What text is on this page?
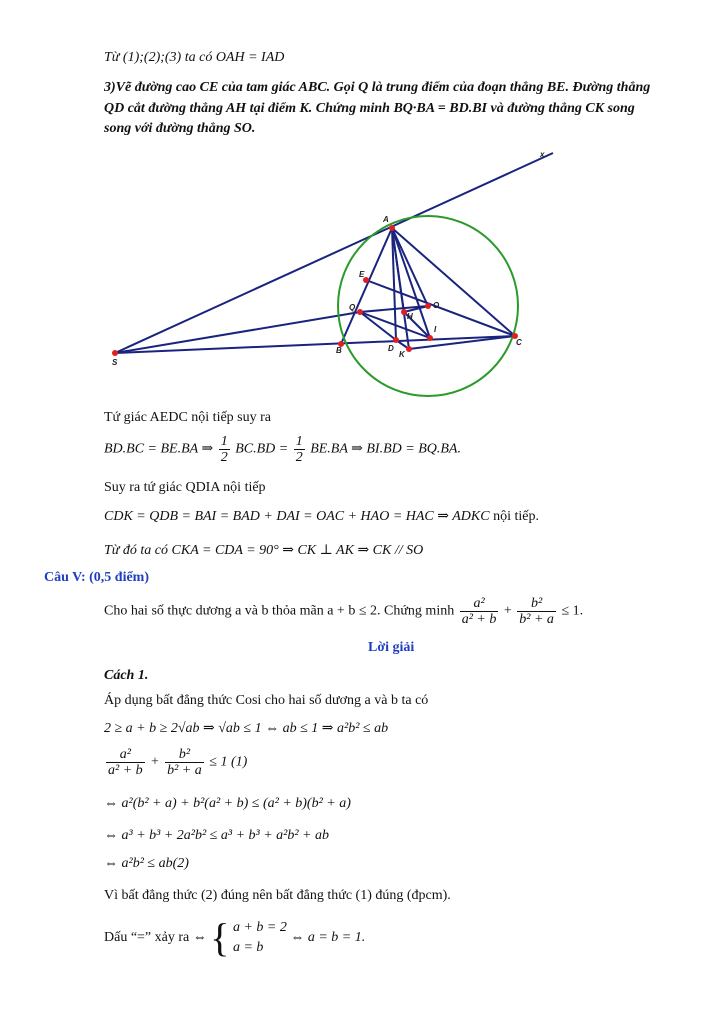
Từ (1);(2);(3) ta có OAH = IAD
3)Vẽ đường cao CE của tam giác ABC. Gọi Q là trung điểm của đoạn thẳng BE. Đường thẳng
QD cắt đường thẳng AH tại điểm K. Chứng minh BQ·BA = BD.BI và đường thẳng CK song
song với đường thẳng SO.
x
A
E
Q	O
H
I
B	D
K
C
S
Tứ giác AEDC nội tiếp suy ra
BD.BC = BE.BA ⇒ $\frac{1}{2} BC.BD = \frac{1}{2} BE.BA$ ⇒ BI.BD = BQ.BA.
Suy ra tứ giác QDIA nội tiếp
CDK = QDB = BAI = BAD + DAI = OAC + HAO = HAC ⇒ ADKC nội tiếp.
Từ đó ta có CKA = CDA = 90° ⇒ CK ⊥ AK ⇒ CK // SO
Câu V: (0,5 điểm)
Cho hai số thực dương a và b thỏa mãn a + b ≤ 2. Chứng minh $\frac{\text{a²}}{\text{a² + b}} + \frac{\text{b²}}{\text{b² + a}} \le 1$.
Lời giải
Cách 1.
Áp dụng bất đẳng thức Cosi cho hai số dương a và b ta có
2 ≥ a + b ≥ 2√ab ⇒ √ab ≤ 1 ⇔ ab ≤ 1 ⇒ a²b² ≤ ab
$\frac{\text{a²}}{\text{a² + b}} + \frac{\text{b²}}{\text{b² + a}} \le 1$ (1)
⇔ a²(b² + a) + b²(a² + b) ≤ (a² + b)(b² + a)
⇔ a³ + b³ + 2a²b² ≤ a³ + b³ + a²b² + ab
⇔ a²b² ≤ ab(2)
Vì bất đẳng thức (2) đúng nên bất đẳng thức (1) đúng (đpcm).
Dấu “=” xảy ra ⇔ { a + b = 2
a = b
⇔ a = b = 1.
